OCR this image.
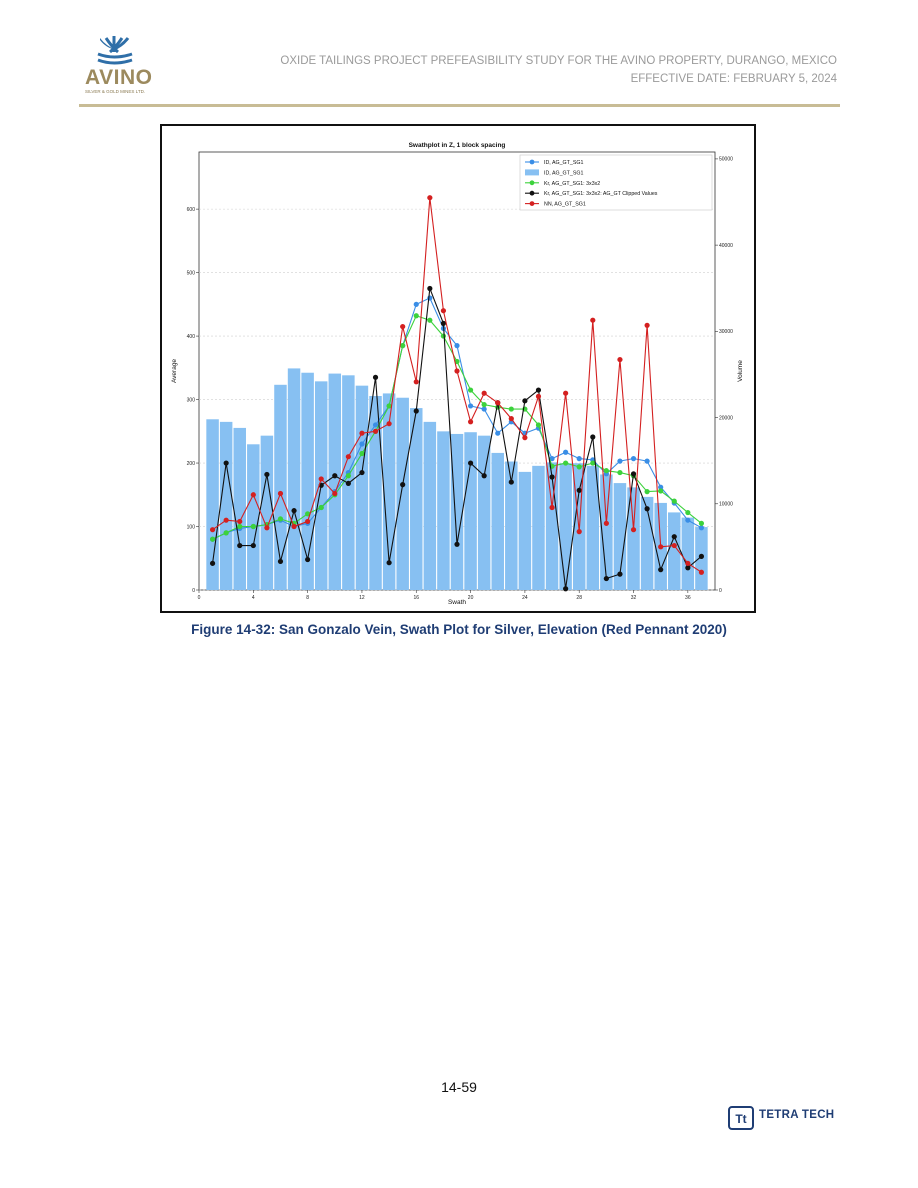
AVINO
SILVER & GOLD MINES LTD.
OXIDE TAILINGS PROJECT PREFEASIBILITY STUDY FOR THE AVINO PROPERTY, DURANGO, MEXICO
EFFECTIVE DATE: FEBRUARY 5, 2024
0	4	8	12	16	20	24	28	32	36
0
100
200
300
400
500
600
0
10000
20000
30000
40000
50000
Swathplot in Z, 1 block spacing
Swath
Average	Volume
ID, AG_GT_SG1
ID, AG_GT_SG1
Kr, AG_GT_SG1: 3x3x2
Kr, AG_GT_SG1: 3x3x2: AG_GT Clipped Values
NN, AG_GT_SG1
Figure 14-32: San Gonzalo Vein, Swath Plot for Silver, Elevation (Red Pennant 2020)
14-59
Tt TETRA TECH
